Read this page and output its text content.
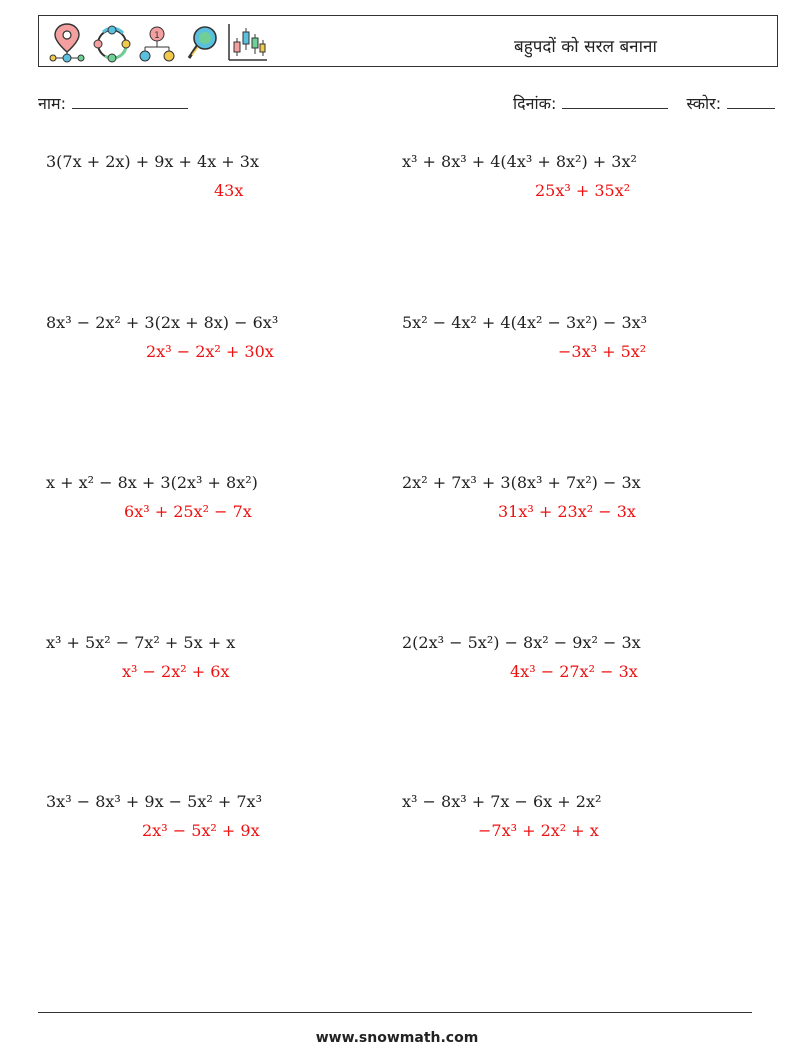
1
बहुपदों को सरल बनाना
नाम:	दिनांक:	स्कोर:
3(7x + 2x) + 9x + 4x + 3x
43x
x³ + 8x³ + 4(4x³ + 8x²) + 3x²
25x³ + 35x²
8x³ − 2x² + 3(2x + 8x) − 6x³
2x³ − 2x² + 30x
5x² − 4x² + 4(4x² − 3x²) − 3x³
−3x³ + 5x²
x + x² − 8x + 3(2x³ + 8x²)
6x³ + 25x² − 7x
2x² + 7x³ + 3(8x³ + 7x²) − 3x
31x³ + 23x² − 3x
x³ + 5x² − 7x² + 5x + x
x³ − 2x² + 6x
2(2x³ − 5x²) − 8x² − 9x² − 3x
4x³ − 27x² − 3x
3x³ − 8x³ + 9x − 5x² + 7x³
2x³ − 5x² + 9x
x³ − 8x³ + 7x − 6x + 2x²
−7x³ + 2x² + x
www.snowmath.com
